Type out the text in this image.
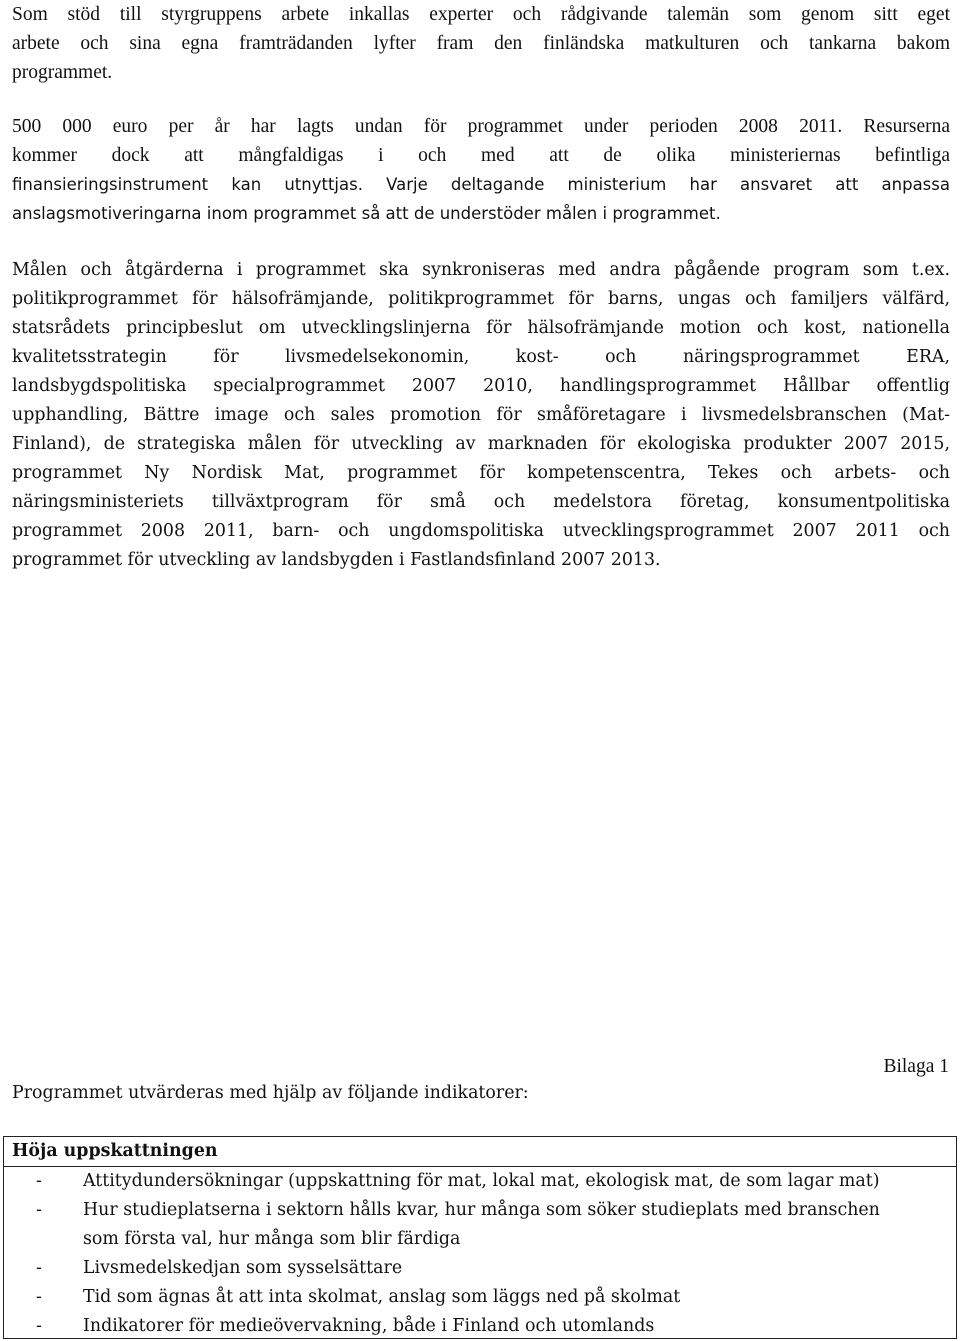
Som stöd till styrgruppens arbete inkallas experter och rådgivande talemän som genom sitt eget
arbete och sina egna framträdanden lyfter fram den finländska matkulturen och tankarna bakom
programmet.
500 000 euro per år har lagts undan för programmet under perioden 2008 2011. Resurserna
kommer dock att mångfaldigas i och med att de olika ministeriernas befintliga
finansieringsinstrument kan utnyttjas. Varje deltagande ministerium har ansvaret att anpassa
anslagsmotiveringarna inom programmet så att de understöder målen i programmet.
Målen och åtgärderna i programmet ska synkroniseras med andra pågående program som t.ex.
politikprogrammet för hälsofrämjande, politikprogrammet för barns, ungas och familjers välfärd,
statsrådets principbeslut om utvecklingslinjerna för hälsofrämjande motion och kost, nationella
kvalitetsstrategin för livsmedelsekonomin, kost- och näringsprogrammet ERA,
landsbygdspolitiska specialprogrammet 2007 2010, handlingsprogrammet Hållbar offentlig
upphandling, Bättre image och sales promotion för småföretagare i livsmedelsbranschen (Mat-
Finland), de strategiska målen för utveckling av marknaden för ekologiska produkter 2007 2015,
programmet Ny Nordisk Mat, programmet för kompetenscentra, Tekes och arbets- och
näringsministeriets tillväxtprogram för små och medelstora företag, konsumentpolitiska
programmet 2008 2011, barn- och ungdomspolitiska utvecklingsprogrammet 2007 2011 och
programmet för utveckling av landsbygden i Fastlandsfinland 2007 2013.
Bilaga 1
Programmet utvärderas med hjälp av följande indikatorer:
Höja uppskattningen
- Attitydundersökningar (uppskattning för mat, lokal mat, ekologisk mat, de som lagar mat)
- Hur studieplatserna i sektorn hålls kvar, hur många som söker studieplats med branschen
som första val, hur många som blir färdiga
- Livsmedelskedjan som sysselsättare
- Tid som ägnas åt att inta skolmat, anslag som läggs ned på skolmat
- Indikatorer för medieövervakning, både i Finland och utomlands
